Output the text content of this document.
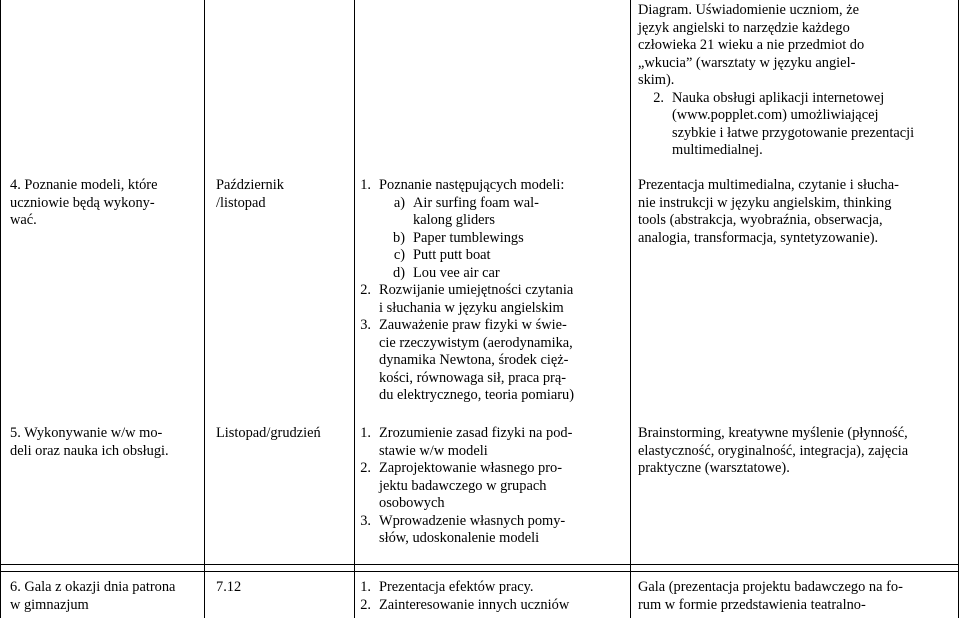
Diagram. Uświadomienie uczniom, że
język angielski to narzędzie każdego
człowieka 21 wieku a nie przedmiot do
„wkucia” (warsztaty w języku angiel-
skim).
2. Nauka obsługi aplikacji internetowej
(www.popplet.com) umożliwiającej
szybkie i łatwe przygotowanie prezentacji
multimedialnej.
4. Poznanie modeli, które
uczniowie będą wykony-
wać.
Październik
/listopad
1. Poznanie następujących modeli:
a) Air surfing foam wal-
kalong gliders
b) Paper tumblewings
c) Putt putt boat
d) Lou vee air car
2. Rozwijanie umiejętności czytania
i słuchania w języku angielskim
3. Zauważenie praw fizyki w świe-
cie rzeczywistym (aerodynamika,
dynamika Newtona, środek cięż-
kości, równowaga sił, praca prą-
du elektrycznego, teoria pomiaru)
Prezentacja multimedialna, czytanie i słucha-
nie instrukcji w języku angielskim, thinking
tools (abstrakcja, wyobraźnia, obserwacja,
analogia, transformacja, syntetyzowanie).
5. Wykonywanie w/w mo-
deli oraz nauka ich obsługi.
Listopad/grudzień	1. Zrozumienie zasad fizyki na pod-
stawie w/w modeli
2. Zaprojektowanie własnego pro-
jektu badawczego w grupach
osobowych
3. Wprowadzenie własnych pomy-
słów, udoskonalenie modeli
Brainstorming, kreatywne myślenie (płynność,
elastyczność, oryginalność, integracja), zajęcia
praktyczne (warsztatowe).
6. Gala z okazji dnia patrona
w gimnazjum
7.12	1. Prezentacja efektów pracy.
2. Zainteresowanie innych uczniów
Gala (prezentacja projektu badawczego na fo-
rum w formie przedstawienia teatralno-
